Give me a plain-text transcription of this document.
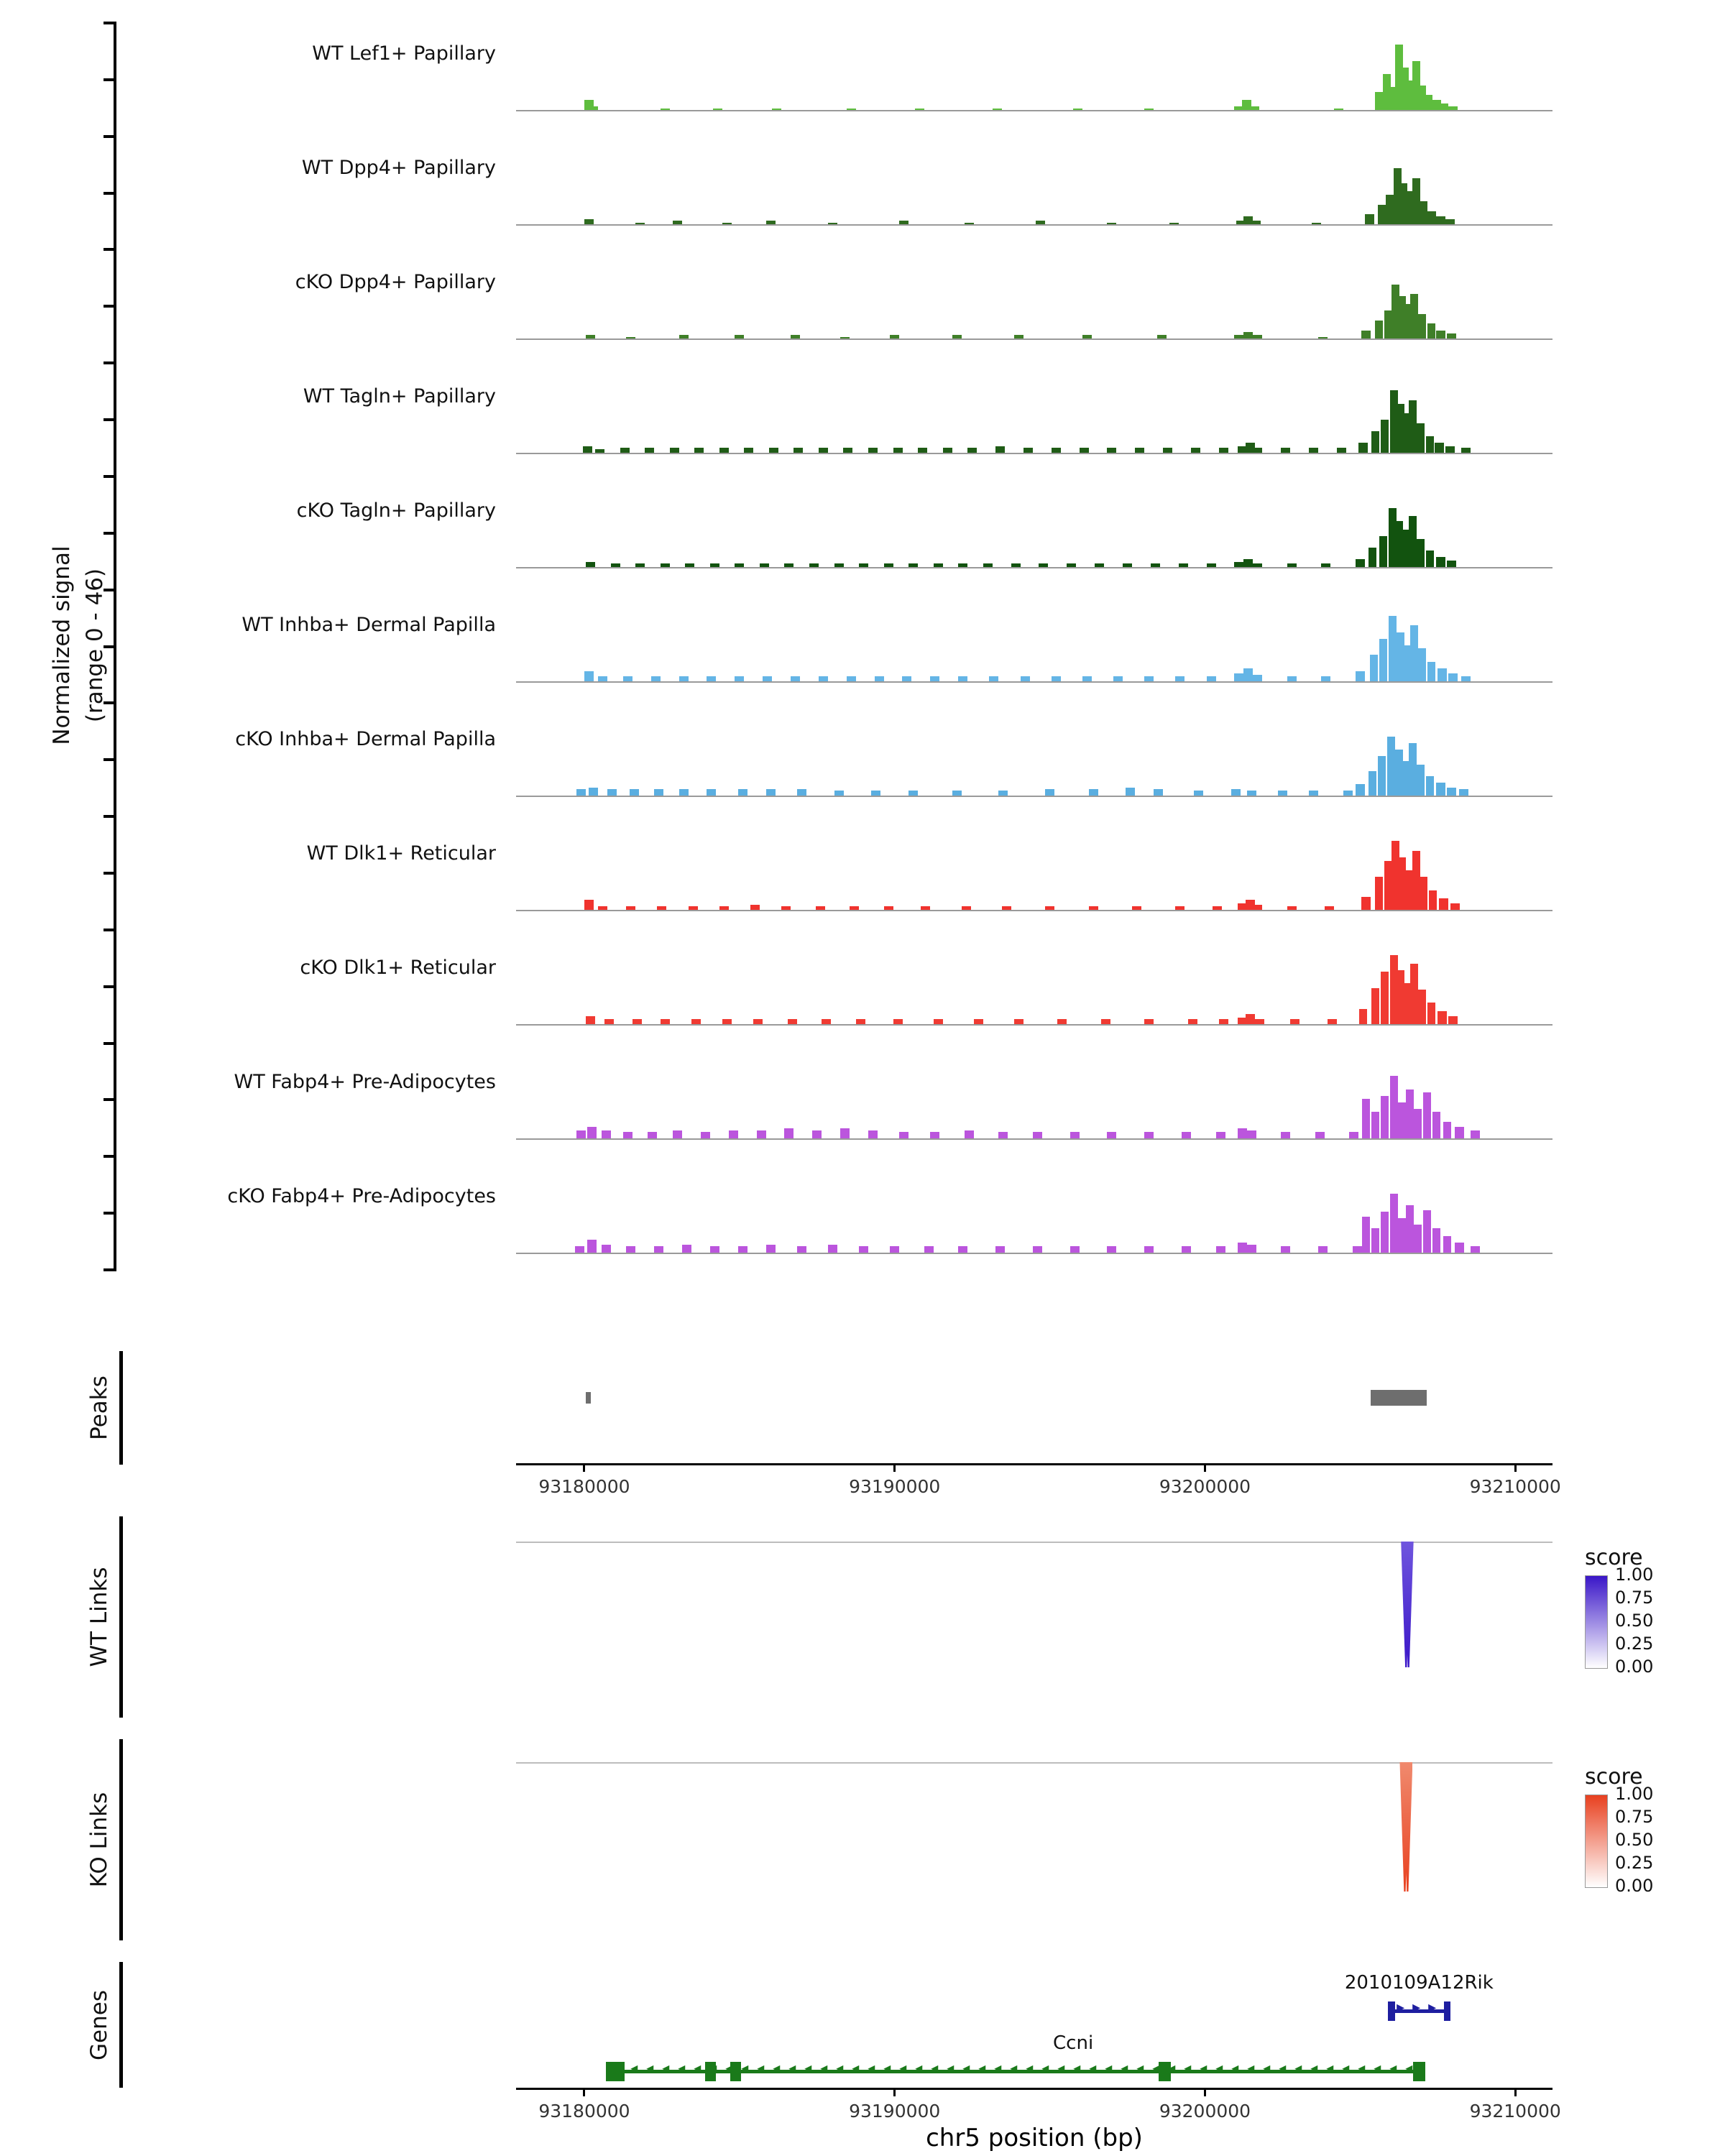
WT Lef1+ Papillary
WT Dpp4+ Papillary
cKO Dpp4+ Papillary
WT Tagln+ Papillary
cKO Tagln+ Papillary
WT Inhba+ Dermal Papilla
cKO Inhba+ Dermal Papilla
WT Dlk1+ Reticular
cKO Dlk1+ Reticular
WT Fabp4+ Pre-Adipocytes
cKO Fabp4+ Pre-Adipocytes
Normalized signal (range 0 - 46)
Peaks
93180000	93190000	93200000	93210000
WT Links
KO Links
score
1.00
0.75
0.50
0.25
0.00
score
1.00
0.75
0.50
0.25
0.00
Genes	▸ ▸ ▸
2010109A12Rik
◂ ◂ ◂ ◂ ◂ ◂ ◂ ◂ ◂ ◂ ◂ ◂ ◂ ◂ ◂ ◂ ◂ ◂ ◂ ◂ ◂ ◂ ◂ ◂ ◂ ◂ ◂ ◂ ◂ ◂ ◂ ◂ ◂ ◂ ◂ ◂ ◂ ◂ ◂ ◂ ◂ ◂ ◂ ◂ ◂ ◂ ◂ ◂ ◂ ◂ ◂
Ccni
93180000	93190000	93200000	93210000
chr5 position (bp)
